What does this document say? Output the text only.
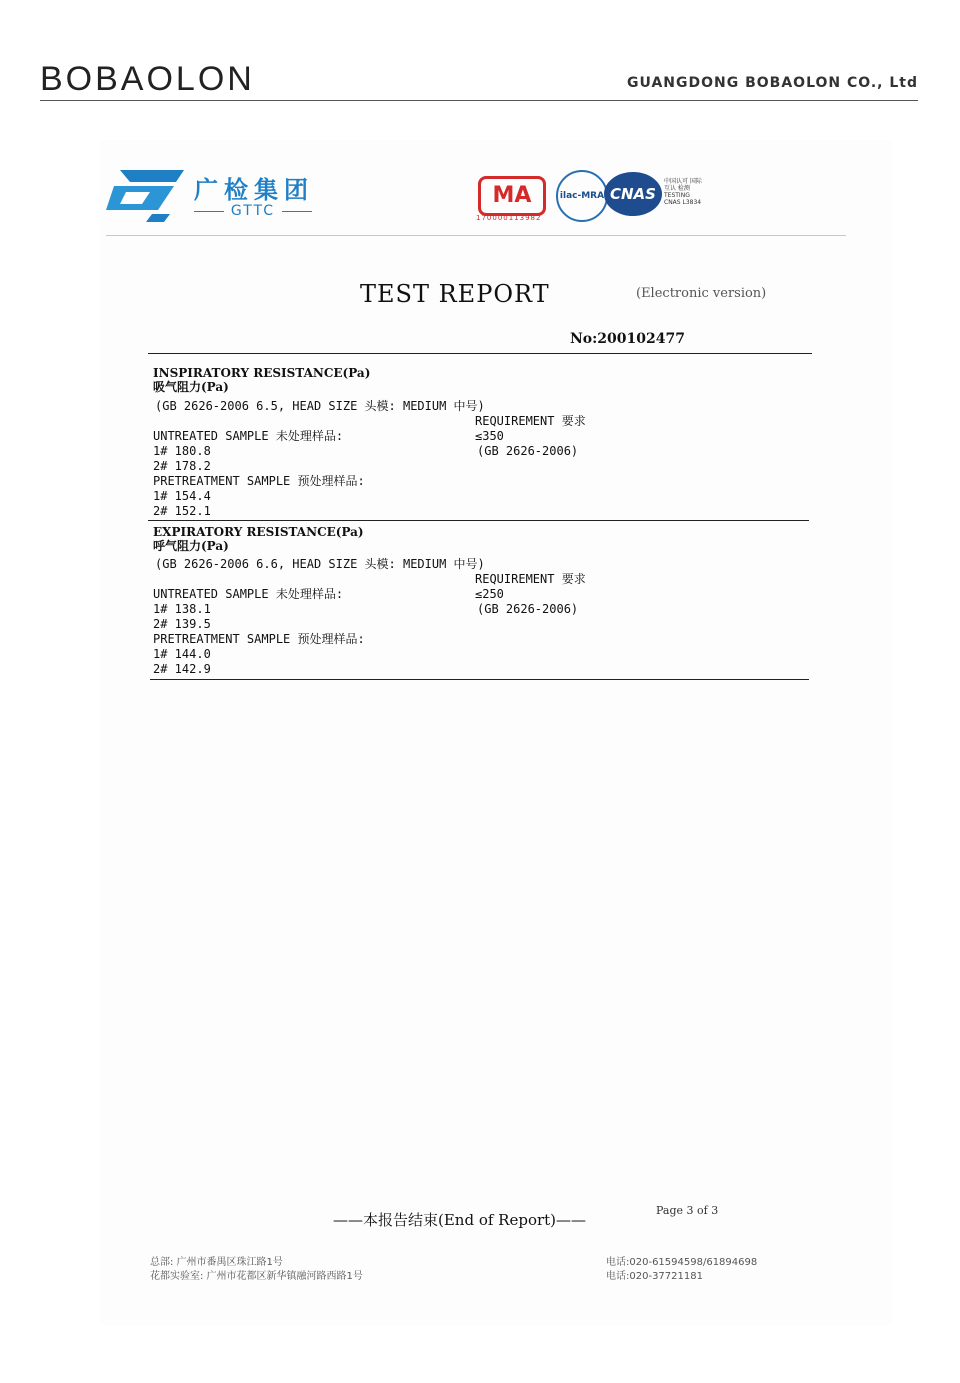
BOBAOLON	GUANGDONG BOBAOLON CO., Ltd
广检集团
GTTC
MA
170000113982
ilac-MRA CNAS
中国认可 国际互认 检测 TESTING CNAS L3834
TEST REPORT	(Electronic version)
No:200102477
INSPIRATORY RESISTANCE(Pa)
吸气阻力(Pa)
(GB 2626-2006 6.5, HEAD SIZE 头模: MEDIUM 中号)
REQUIREMENT 要求
≤350
(GB 2626-2006)
UNTREATED SAMPLE 未处理样品:
1# 180.8
2# 178.2
PRETREATMENT SAMPLE 预处理样品:
1# 154.4
2# 152.1
EXPIRATORY RESISTANCE(Pa)
呼气阻力(Pa)
(GB 2626-2006 6.6, HEAD SIZE 头模: MEDIUM 中号)
REQUIREMENT 要求
≤250
(GB 2626-2006)
UNTREATED SAMPLE 未处理样品:
1# 138.1
2# 139.5
PRETREATMENT SAMPLE 预处理样品:
1# 144.0
2# 142.9
——本报告结束(End of Report)——
Page 3 of 3
总部: 广州市番禺区珠江路1号
花都实验室: 广州市花都区新华镇融河路西路1号
电话:020-61594598/61894698
电话:020-37721181
